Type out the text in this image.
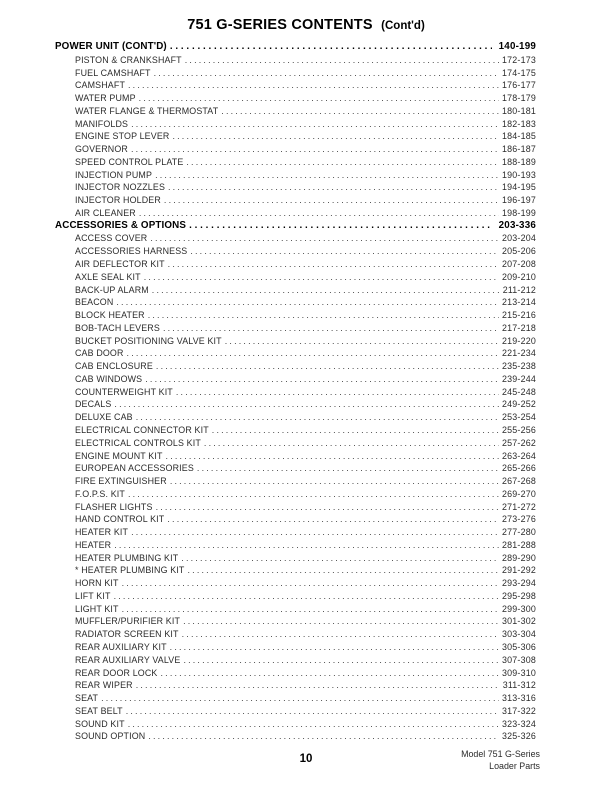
751 G-SERIES CONTENTS (Cont'd)
POWER UNIT (CONT'D) .....	140-199
PISTON & CRANKSHAFT .....	172-173
FUEL CAMSHAFT .....	174-175
CAMSHAFT .....	176-177
WATER PUMP .....	178-179
WATER FLANGE & THERMOSTAT .....	180-181
MANIFOLDS .....	182-183
ENGINE STOP LEVER .....	184-185
GOVERNOR .....	186-187
SPEED CONTROL PLATE .....	188-189
INJECTION PUMP .....	190-193
INJECTOR NOZZLES .....	194-195
INJECTOR HOLDER .....	196-197
AIR CLEANER .....	198-199
ACCESSORIES & OPTIONS .....	203-336
ACCESS COVER .....	203-204
ACCESSORIES HARNESS .....	205-206
AIR DEFLECTOR KIT .....	207-208
AXLE SEAL KIT .....	209-210
BACK-UP ALARM .....	211-212
BEACON .....	213-214
BLOCK HEATER .....	215-216
BOB-TACH LEVERS .....	217-218
BUCKET POSITIONING VALVE KIT .....	219-220
CAB DOOR .....	221-234
CAB ENCLOSURE .....	235-238
CAB WINDOWS .....	239-244
COUNTERWEIGHT KIT .....	245-248
DECALS .....	249-252
DELUXE CAB .....	253-254
ELECTRICAL CONNECTOR KIT .....	255-256
ELECTRICAL CONTROLS KIT .....	257-262
ENGINE MOUNT KIT .....	263-264
EUROPEAN ACCESSORIES .....	265-266
FIRE EXTINGUISHER .....	267-268
F.O.P.S. KIT .....	269-270
FLASHER LIGHTS .....	271-272
HAND CONTROL KIT .....	273-276
HEATER KIT .....	277-280
HEATER .....	281-288
HEATER PLUMBING KIT .....	289-290
* HEATER PLUMBING KIT .....	291-292
HORN KIT .....	293-294
LIFT KIT .....	295-298
LIGHT KIT .....	299-300
MUFFLER/PURIFIER KIT .....	301-302
RADIATOR SCREEN KIT .....	303-304
REAR AUXILIARY KIT .....	305-306
REAR AUXILIARY VALVE .....	307-308
REAR DOOR LOCK .....	309-310
REAR WIPER .....	311-312
SEAT .....	313-316
SEAT BELT .....	317-322
SOUND KIT .....	323-324
SOUND OPTION .....	325-326
10	Model 751 G-Series
Loader Parts
